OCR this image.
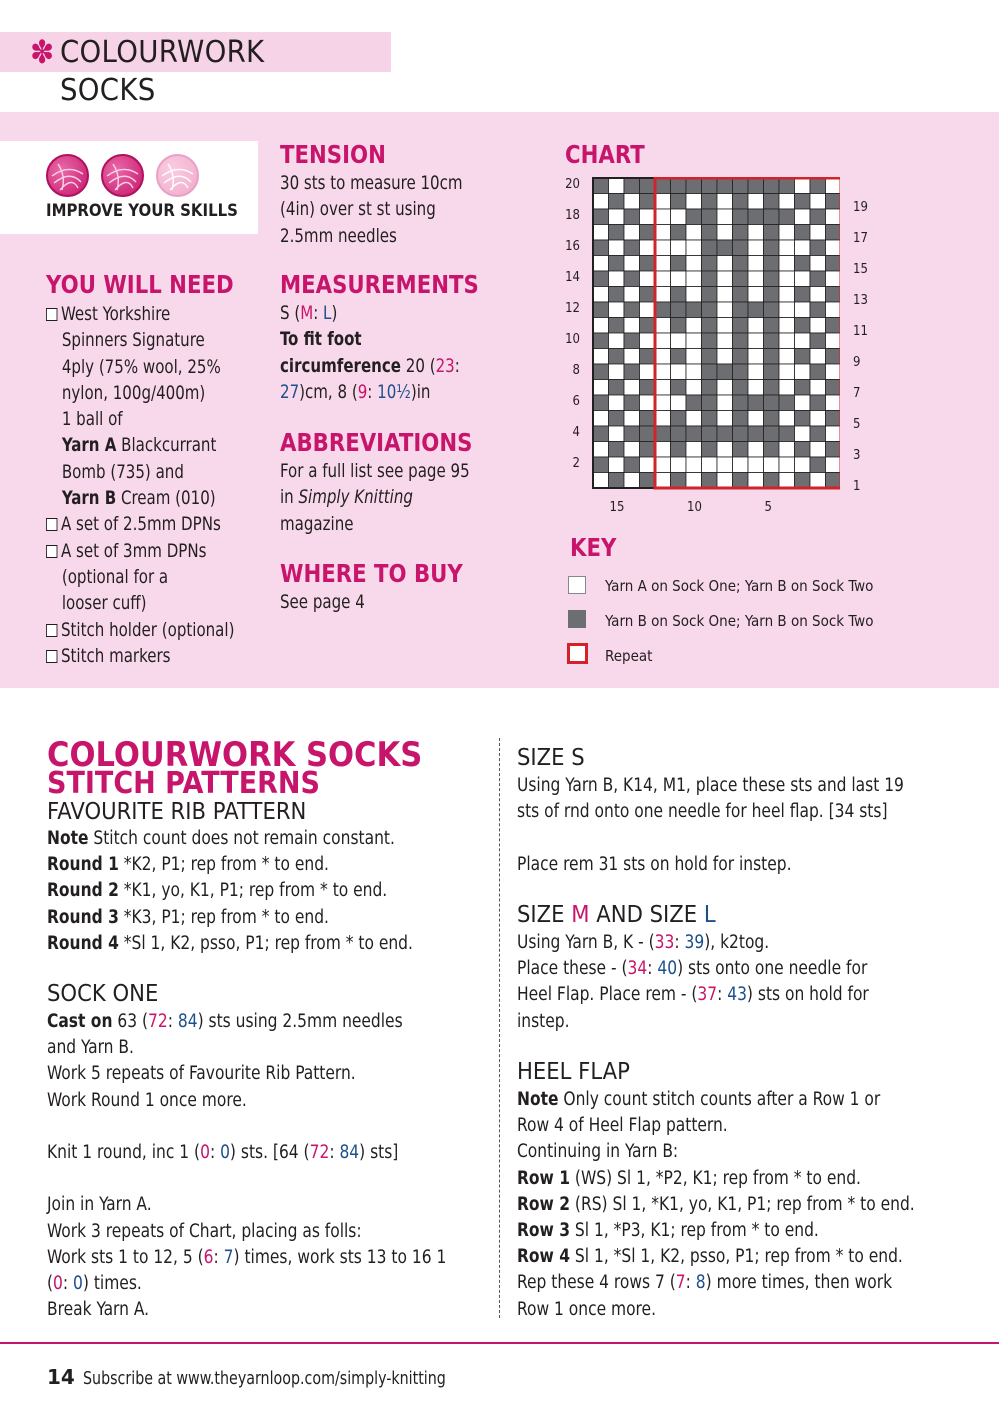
✽ COLOURWORK SOCKS
IMPROVE YOUR SKILLS
YOU WILL NEED

West Yorkshire

Spinners Signature

4ply (75% wool, 25%

nylon, 100g/400m)

1 ball of

Yarn A Blackcurrant

Bomb (735) and

Yarn B Cream (010)

A set of 2.5mm DPNs

A set of 3mm DPNs

(optional for a

looser cuff)

Stitch holder (optional)

Stitch markers

TENSION

30 sts to measure 10cm

(4in) over st st using

2.5mm needles

MEASUREMENTS

S (M: L)

To fit foot

circumference 20 (23:

27)cm, 8 (9: 10½)in

ABBREVIATIONS

For a full list see page 95

in Simply Knitting

magazine

WHERE TO BUY

See page 4

CHART
20
18
16
14
12
10
8
6
4
2
19
17
15
13
11
9
7
5
3
1
15	10	5
KEY
Yarn A on Sock One; Yarn B on Sock Two
Yarn B on Sock One; Yarn B on Sock Two
Repeat
COLOURWORK SOCKS
STITCH PATTERNS
FAVOURITE RIB PATTERN

Note Stitch count does not remain constant.

Round 1 *K2, P1; rep from * to end.

Round 2 *K1, yo, K1, P1; rep from * to end.

Round 3 *K3, P1; rep from * to end.

Round 4 *Sl 1, K2, psso, P1; rep from * to end.

SOCK ONE

Cast on 63 (72: 84) sts using 2.5mm needles

and Yarn B.

Work 5 repeats of Favourite Rib Pattern.

Work Round 1 once more.

Knit 1 round, inc 1 (0: 0) sts. [64 (72: 84) sts]

Join in Yarn A.

Work 3 repeats of Chart, placing as folls:

Work sts 1 to 12, 5 (6: 7) times, work sts 13 to 16 1

(0: 0) times.

Break Yarn A.

SIZE S

Using Yarn B, K14, M1, place these sts and last 19

sts of rnd onto one needle for heel flap. [34 sts]

Place rem 31 sts on hold for instep.

SIZE M AND SIZE L

Using Yarn B, K - (33: 39), k2tog.

Place these - (34: 40) sts onto one needle for

Heel Flap. Place rem - (37: 43) sts on hold for

instep.

HEEL FLAP

Note Only count stitch counts after a Row 1 or

Row 4 of Heel Flap pattern.

Continuing in Yarn B:

Row 1 (WS) Sl 1, *P2, K1; rep from * to end.

Row 2 (RS) Sl 1, *K1, yo, K1, P1; rep from * to end.

Row 3 Sl 1, *P3, K1; rep from * to end.

Row 4 Sl 1, *Sl 1, K2, psso, P1; rep from * to end.

Rep these 4 rows 7 (7: 8) more times, then work

Row 1 once more.

14 Subscribe at www.theyarnloop.com/simply-knitting
